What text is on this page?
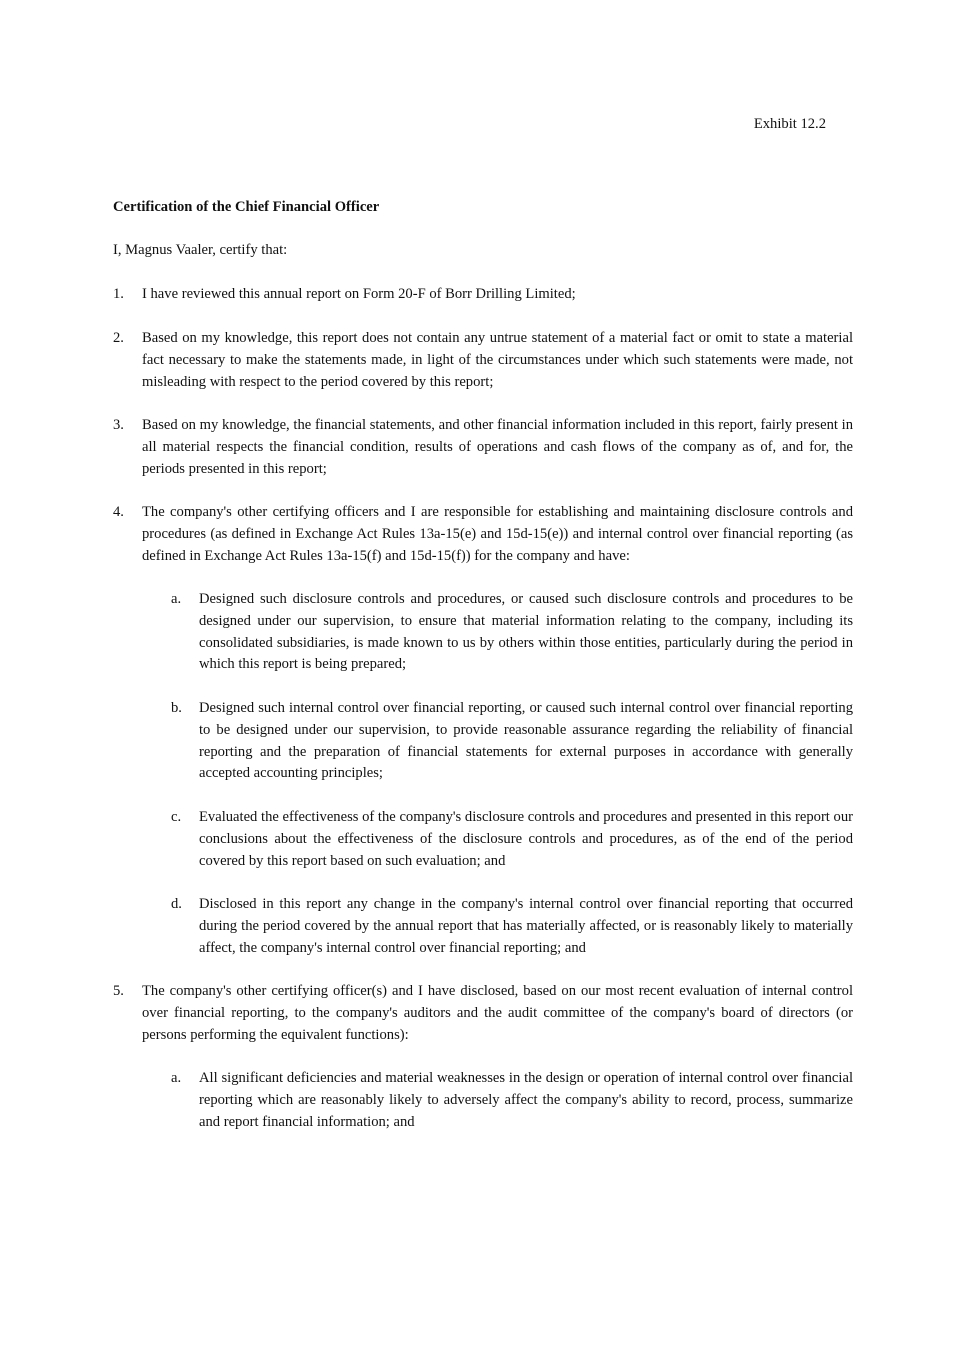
Exhibit 12.2

Certification of the Chief Financial Officer

I, Magnus Vaaler, certify that:

1.	I have reviewed this annual report on Form 20-F of Borr Drilling Limited;
2.	Based on my knowledge, this report does not contain any untrue statement of a material fact or omit to state a material fact necessary to make the statements made, in light of the circumstances under which such statements were made, not misleading with respect to the period covered by this report;
3.	Based on my knowledge, the financial statements, and other financial information included in this report, fairly present in all material respects the financial condition, results of operations and cash flows of the company as of, and for, the periods presented in this report;
4.	The company's other certifying officers and I are responsible for establishing and maintaining disclosure controls and procedures (as defined in Exchange Act Rules 13a-15(e) and 15d-15(e)) and internal control over financial reporting (as defined in Exchange Act Rules 13a-15(f) and 15d-15(f)) for the company and have:
a.	Designed such disclosure controls and procedures, or caused such disclosure controls and procedures to be designed under our supervision, to ensure that material information relating to the company, including its consolidated subsidiaries, is made known to us by others within those entities, particularly during the period in which this report is being prepared;
b.	Designed such internal control over financial reporting, or caused such internal control over financial reporting to be designed under our supervision, to provide reasonable assurance regarding the reliability of financial reporting and the preparation of financial statements for external purposes in accordance with generally accepted accounting principles;
c.	Evaluated the effectiveness of the company's disclosure controls and procedures and presented in this report our conclusions about the effectiveness of the disclosure controls and procedures, as of the end of the period covered by this report based on such evaluation; and
d.	Disclosed in this report any change in the company's internal control over financial reporting that occurred during the period covered by the annual report that has materially affected, or is reasonably likely to materially affect, the company's internal control over financial reporting; and
5.	The company's other certifying officer(s) and I have disclosed, based on our most recent evaluation of internal control over financial reporting, to the company's auditors and the audit committee of the company's board of directors (or persons performing the equivalent functions):
a.	All significant deficiencies and material weaknesses in the design or operation of internal control over financial reporting which are reasonably likely to adversely affect the company's ability to record, process, summarize and report financial information; and
